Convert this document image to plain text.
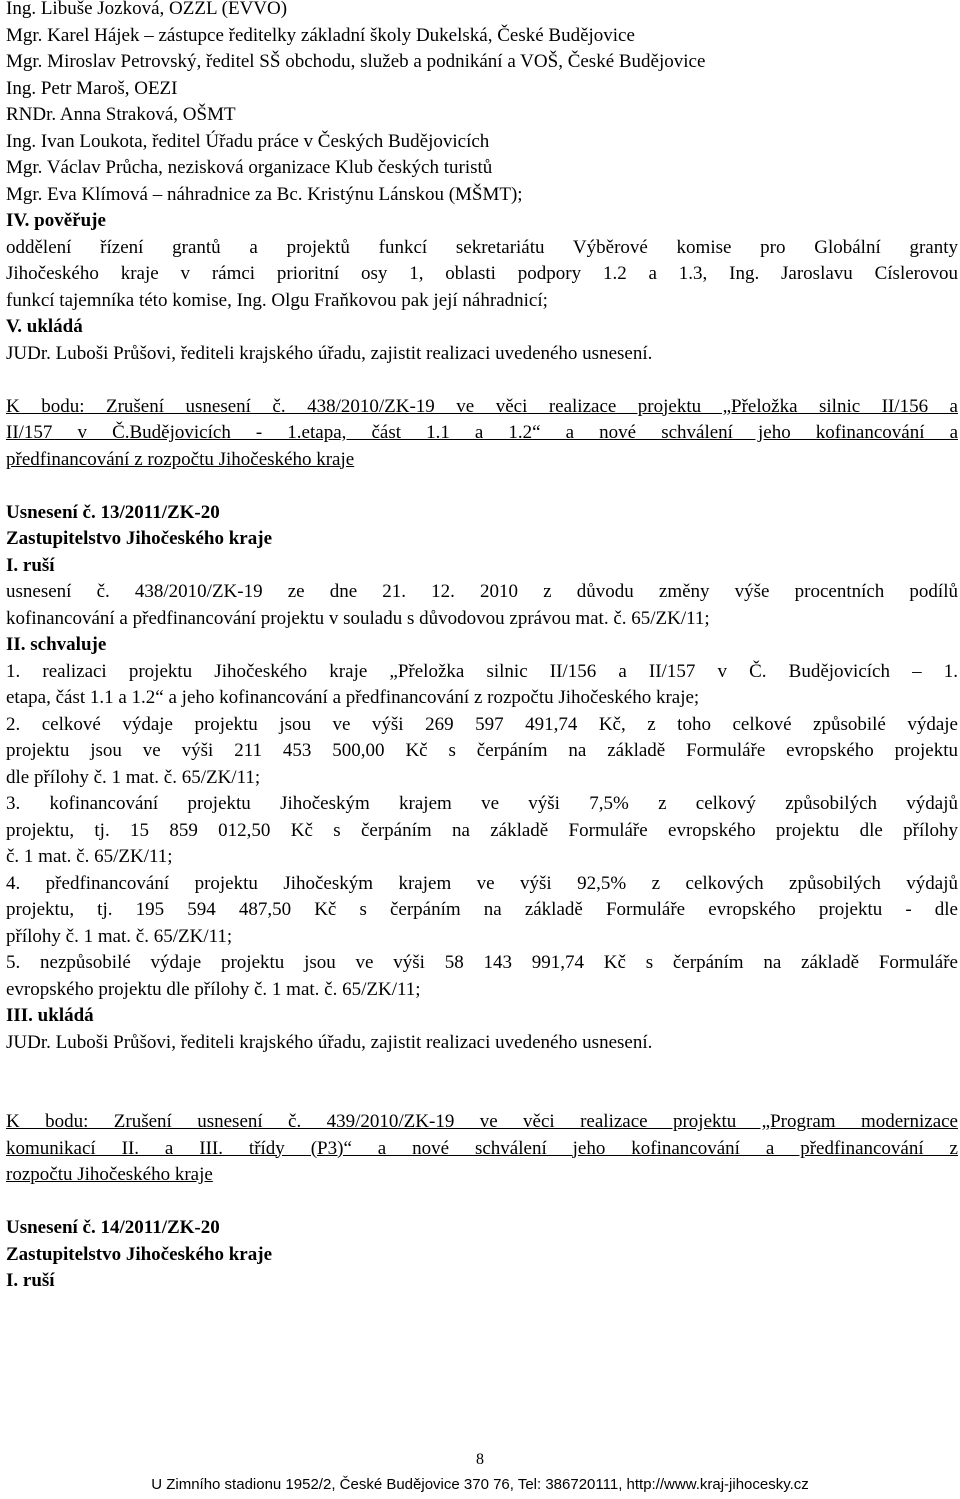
Ing. Libuše Jozková, OZZL (EVVO)
Mgr. Karel Hájek – zástupce ředitelky základní školy Dukelská, České Budějovice
Mgr. Miroslav Petrovský, ředitel SŠ obchodu, služeb a podnikání a VOŠ, České Budějovice
Ing. Petr Maroš, OEZI
RNDr. Anna Straková, OŠMT
Ing. Ivan Loukota, ředitel Úřadu práce v Českých Budějovicích
Mgr. Václav Průcha, nezisková organizace Klub českých turistů
Mgr. Eva Klímová – náhradnice za Bc. Kristýnu Lánskou (MŠMT);
IV. pověřuje
oddělení řízení grantů a projektů funkcí sekretariátu Výběrové komise pro Globální granty
Jihočeského kraje v rámci prioritní osy 1, oblasti podpory 1.2 a 1.3, Ing. Jaroslavu Císlerovou
funkcí tajemníka této komise, Ing. Olgu Fraňkovou pak její náhradnicí;
V. ukládá
JUDr. Luboši Průšovi, řediteli krajského úřadu, zajistit realizaci uvedeného usnesení.
K bodu: Zrušení usnesení č. 438/2010/ZK-19 ve věci realizace projektu „Přeložka silnic II/156 a
II/157 v Č.Budějovicích - 1.etapa, část 1.1 a 1.2“ a nové schválení jeho kofinancování a
předfinancování z rozpočtu Jihočeského kraje
Usnesení č. 13/2011/ZK-20
Zastupitelstvo Jihočeského kraje
I. ruší
usnesení č. 438/2010/ZK-19 ze dne 21. 12. 2010 z důvodu změny výše procentních podílů
kofinancování a předfinancování projektu v souladu s důvodovou zprávou mat. č. 65/ZK/11;
II. schvaluje
1. realizaci projektu Jihočeského kraje „Přeložka silnic II/156 a II/157 v Č. Budějovicích – 1.
etapa, část 1.1 a 1.2“ a jeho kofinancování a předfinancování z rozpočtu Jihočeského kraje;
2. celkové výdaje projektu jsou ve výši 269 597 491,74 Kč, z toho celkové způsobilé výdaje
projektu jsou ve výši 211 453 500,00 Kč s čerpáním na základě Formuláře evropského projektu
dle přílohy č. 1 mat. č. 65/ZK/11;
3. kofinancování projektu Jihočeským krajem ve výši 7,5% z celkový způsobilých výdajů
projektu, tj. 15 859 012,50 Kč s čerpáním na základě Formuláře evropského projektu dle přílohy
č. 1 mat. č. 65/ZK/11;
4. předfinancování projektu Jihočeským krajem ve výši 92,5% z celkových způsobilých výdajů
projektu, tj. 195 594 487,50 Kč s čerpáním na základě Formuláře evropského projektu - dle
přílohy č. 1 mat. č. 65/ZK/11;
5. nezpůsobilé výdaje projektu jsou ve výši 58 143 991,74 Kč s čerpáním na základě Formuláře
evropského projektu dle přílohy č. 1 mat. č. 65/ZK/11;
III. ukládá
JUDr. Luboši Průšovi, řediteli krajského úřadu, zajistit realizaci uvedeného usnesení.
K bodu: Zrušení usnesení č. 439/2010/ZK-19 ve věci realizace projektu „Program modernizace
komunikací II. a III. třídy (P3)“ a nové schválení jeho kofinancování a předfinancování z
rozpočtu Jihočeského kraje
Usnesení č. 14/2011/ZK-20
Zastupitelstvo Jihočeského kraje
I. ruší
8
U Zimního stadionu 1952/2, České Budějovice 370 76, Tel: 386720111, http://www.kraj-jihocesky.cz
